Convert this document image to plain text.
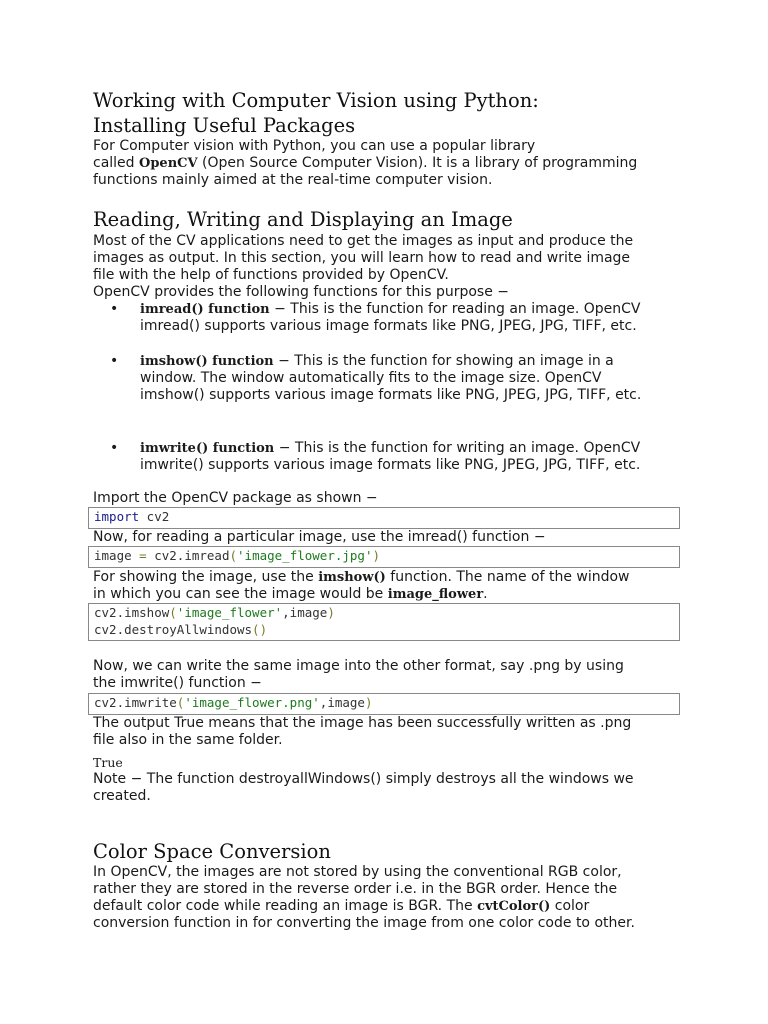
Working with Computer Vision using Python:
Installing Useful Packages
For Computer vision with Python, you can use a popular library
called OpenCV (Open Source Computer Vision). It is a library of programming
functions mainly aimed at the real-time computer vision.
Reading, Writing and Displaying an Image
Most of the CV applications need to get the images as input and produce the
images as output. In this section, you will learn how to read and write image
file with the help of functions provided by OpenCV.
OpenCV provides the following functions for this purpose −
• imread() function − This is the function for reading an image. OpenCV
imread() supports various image formats like PNG, JPEG, JPG, TIFF, etc.
• imshow() function − This is the function for showing an image in a
window. The window automatically fits to the image size. OpenCV
imshow() supports various image formats like PNG, JPEG, JPG, TIFF, etc.
• imwrite() function − This is the function for writing an image. OpenCV
imwrite() supports various image formats like PNG, JPEG, JPG, TIFF, etc.
Import the OpenCV package as shown −
import cv2
Now, for reading a particular image, use the imread() function −
image = cv2.imread('image_flower.jpg')
For showing the image, use the imshow() function. The name of the window
in which you can see the image would be image_flower.
cv2.imshow('image_flower',image)
cv2.destroyAllwindows()
Now, we can write the same image into the other format, say .png by using
the imwrite() function −
cv2.imwrite('image_flower.png',image)
The output True means that the image has been successfully written as .png
file also in the same folder.
True
Note − The function destroyallWindows() simply destroys all the windows we
created.
Color Space Conversion
In OpenCV, the images are not stored by using the conventional RGB color,
rather they are stored in the reverse order i.e. in the BGR order. Hence the
default color code while reading an image is BGR. The cvtColor() color
conversion function in for converting the image from one color code to other.
